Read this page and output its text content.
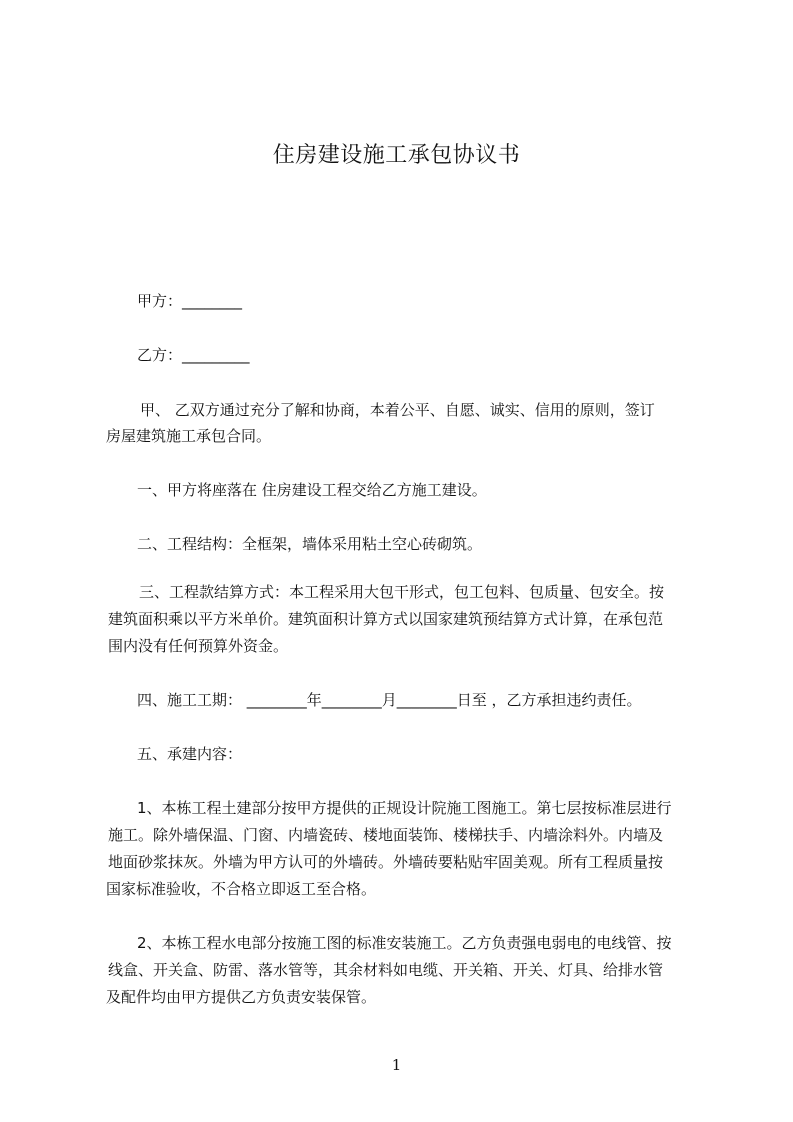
住房建设施工承包协议书
甲方：________
乙方：_________
甲、 乙双方通过充分了解和协商，本着公平、自愿、诚实、信用的原则，签订
房屋建筑施工承包合同。
一、甲方将座落在 住房建设工程交给乙方施工建设。
二、工程结构：全框架，墙体采用粘土空心砖砌筑。
三、工程款结算方式：本工程采用大包干形式，包工包料、包质量、包安全。按
建筑面积乘以平方米单价。建筑面积计算方式以国家建筑预结算方式计算，在承包范
围内没有任何预算外资金。
四、施工工期： ________年________月________日至 ，乙方承担违约责任。
五、承建内容：
1、本栋工程土建部分按甲方提供的正规设计院施工图施工。第七层按标准层进行
施工。除外墙保温、门窗、内墙瓷砖、楼地面装饰、楼梯扶手、内墙涂料外。内墙及
地面砂浆抹灰。外墙为甲方认可的外墙砖。外墙砖要粘贴牢固美观。所有工程质量按
国家标准验收，不合格立即返工至合格。
2、本栋工程水电部分按施工图的标准安装施工。乙方负责强电弱电的电线管、按
线盒、开关盒、防雷、落水管等，其余材料如电缆、开关箱、开关、灯具、给排水管
及配件均由甲方提供乙方负责安装保管。
1
